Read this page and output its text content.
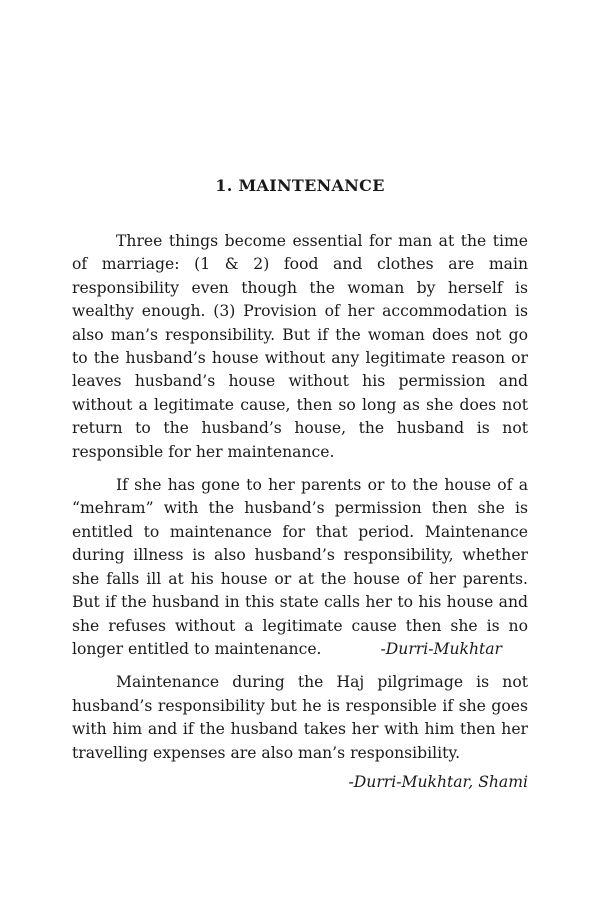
1. MAINTENANCE

Three things become essential for man at the time of marriage: (1 & 2) food and clothes are main responsibility even though the woman by herself is wealthy enough. (3) Provision of her accommodation is also man’s responsibility. But if the woman does not go to the husband’s house without any legitimate reason or leaves husband’s house without his permission and without a legitimate cause, then so long as she does not return to the husband’s house, the husband is not responsible for her maintenance.

If she has gone to her parents or to the house of a “mehram” with the husband’s permission then she is entitled to maintenance for that period. Maintenance during illness is also husband’s responsibility, whether she falls ill at his house or at the house of her parents. But if the husband in this state calls her to his house and she refuses without a legitimate cause then she is no longer entitled to maintenance.	-Durri-Mukhtar

Maintenance during the Haj pilgrimage is not husband’s responsibility but he is responsible if she goes with him and if the husband takes her with him then her travelling expenses are also man’s responsibility.

-Durri-Mukhtar, Shami
